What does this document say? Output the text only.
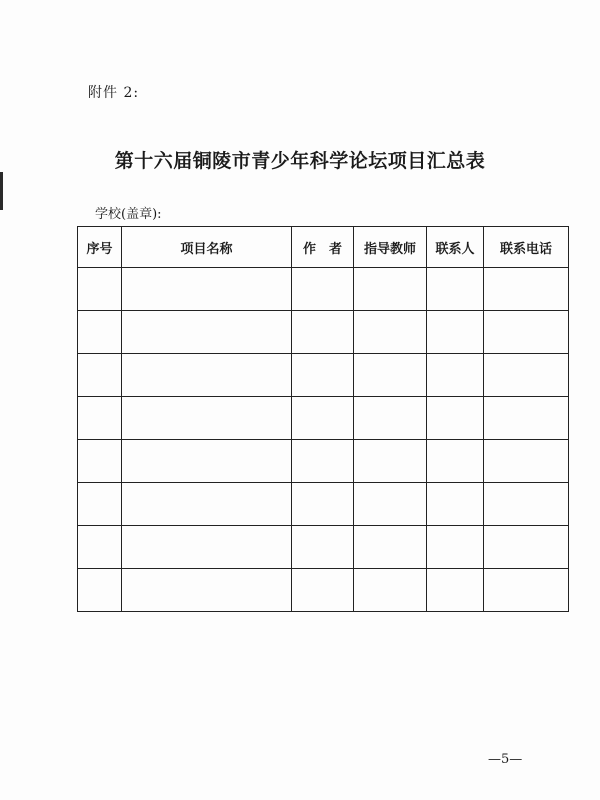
附件 2:
第十六届铜陵市青少年科学论坛项目汇总表
学校(盖章):
序号	项目名称	作　者	指导教师	联系人	联系电话

—5—
